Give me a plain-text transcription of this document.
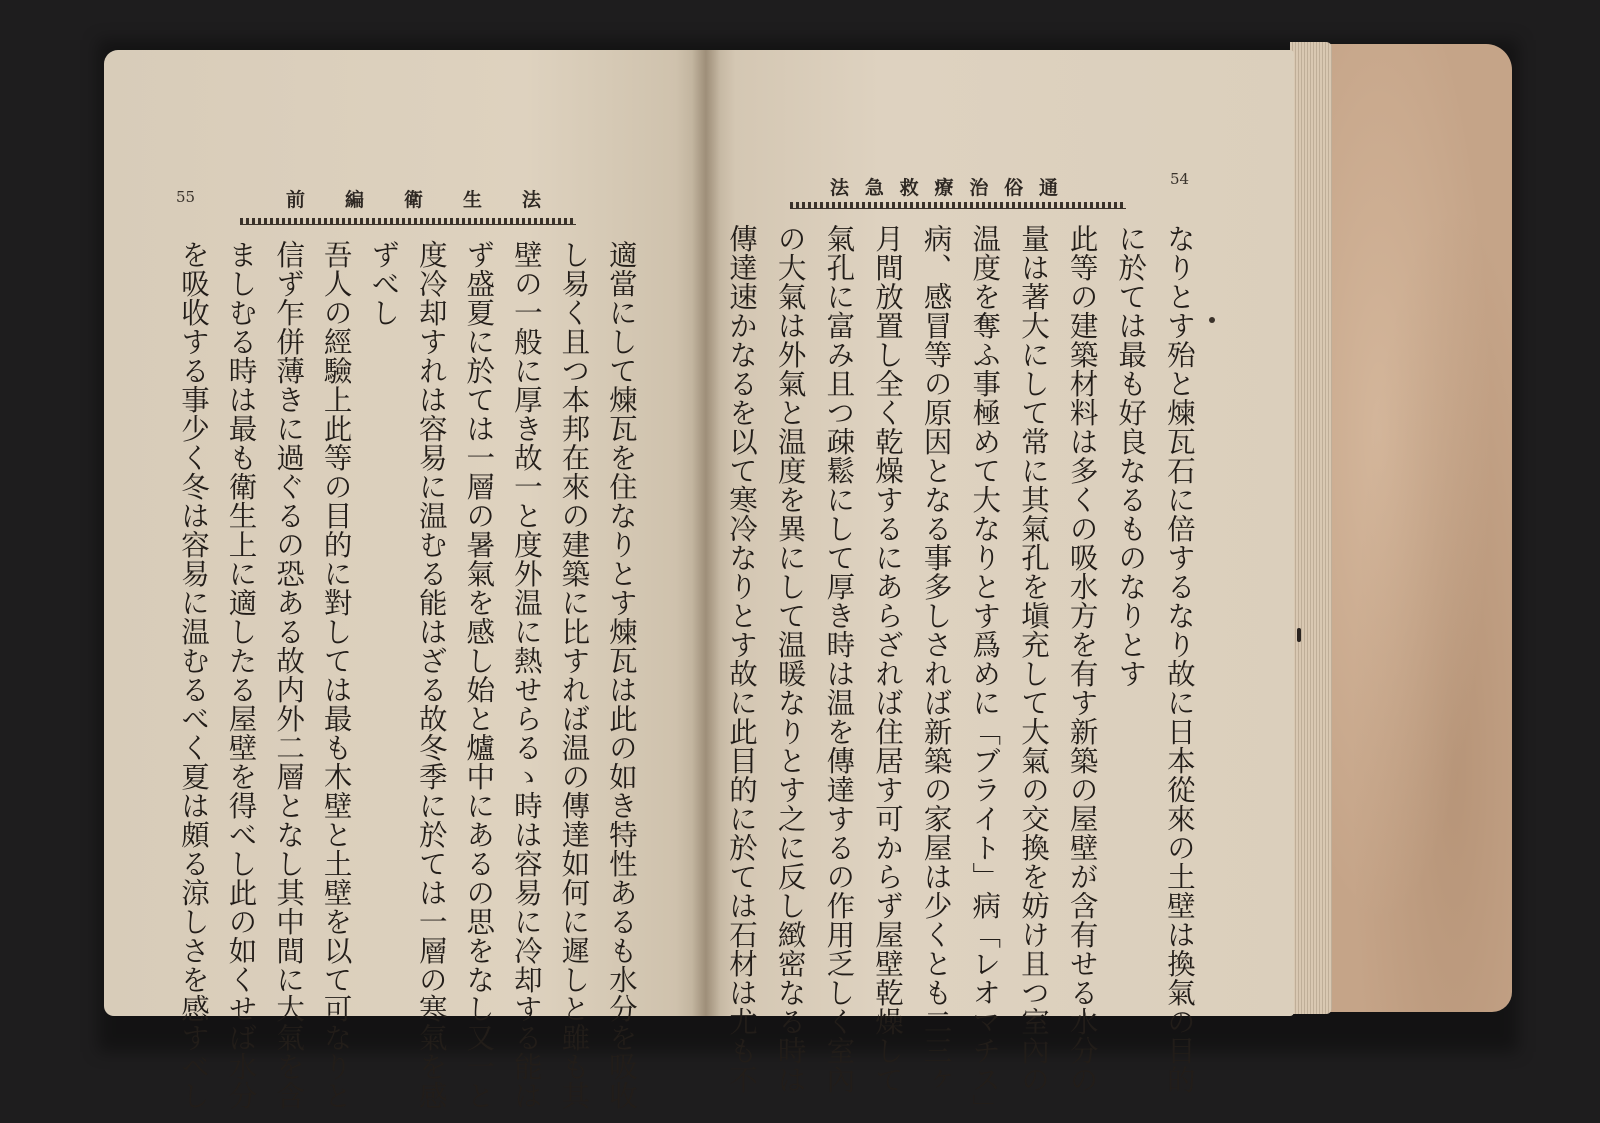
55	前 編 衛 生 法
適當にして煉瓦を住なりとす煉瓦は此の如き特性あるも水分を吸收
し易く且つ本邦在來の建築に比すれば温の傳達如何に遲しと雖も其
壁の一般に厚き故一と度外温に熱せらるゝ時は容易に冷却する能は
ず盛夏に於ては一層の暑氣を感し始と爐中にあるの思をなし又一と
度冷却すれは容易に温むる能はざる故冬季に於ては一層の寒氣を感
ずべし
吾人の經驗上此等の目的に對しては最も木壁と土壁を以て可なりと
信ず乍併薄きに過ぐるの恐ある故内外二層となし其中間に大氣を含
ましむる時は最も衛生上に適したる屋壁を得べし此の如くせば水分
を吸收する事少く冬は容易に温むるべく夏は頗る涼しさを感すべし
54
法 急 救 療 治 俗 通
なりとす殆と煉瓦石に倍するなり故に日本從來の土壁は換氣の目的
に於ては最も好良なるものなりとす
此等の建築材料は多くの吸水方を有す新築の屋壁が含有せる水分の
量は著大にして常に其氣孔を塡充して大氣の交換を妨け且つ室內の
温度を奪ふ事極めて大なりとす爲めに「ブライト」病「レオマチス」
病、感冒等の原因となる事多しされば新築の家屋は少くとも二三ヶ
月間放置し全く乾燥するにあらざれば住居す可からず屋壁乾燥して
氣孔に富み且つ疎鬆にして厚き時は温を傳達するの作用乏しく室內
の大氣は外氣と温度を異にして温暖なりとす之に反し緻密なる時は
傳達速かなるを以て寒冷なりとす故に此目的に於ては石材は尤も不
